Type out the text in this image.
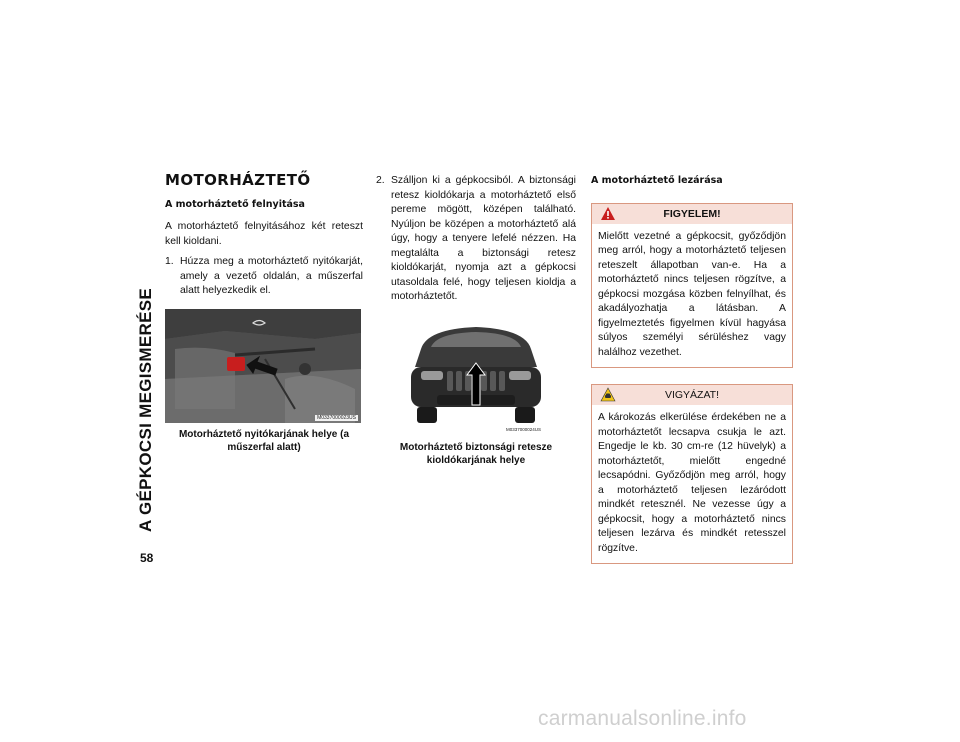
A GÉPKOCSI MEGISMERÉSE
58
MOTORHÁZTETŐ
A motorháztető felnyitása

A motorháztető felnyitásához két reteszt kell kioldani.

1. Húzza meg a motorháztető nyitókarját, amely a vezető oldalán, a műszerfal alatt helyezkedik el.
M0337000023US
Motorháztető nyitókarjának helye (a műszerfal alatt)
2. Szálljon ki a gépkocsiból. A biztonsági retesz kioldókarja a motorháztető első pereme mögött, középen található. Nyúljon be középen a motorháztető alá úgy, hogy a tenyere lefelé nézzen. Ha megtalálta a biztonsági retesz kioldókarját, nyomja azt a gépkocsi utasoldala felé, hogy teljesen kioldja a motorháztetőt.
M0337000024US
Motorháztető biztonsági retesze kioldókarjának helye
A motorháztető lezárása
FIGYELEM!
Mielőtt vezetné a gépkocsit, győződjön meg arról, hogy a motorháztető teljesen reteszelt állapotban van-e. Ha a motorháztető nincs teljesen rögzítve, a gépkocsi mozgása közben felnyílhat, és akadályozhatja a látásban. A figyelmeztetés figyelmen kívül hagyása súlyos személyi sérüléshez vagy halálhoz vezethet.
VIGYÁZAT!
A károkozás elkerülése érdekében ne a motorháztetőt lecsapva csukja le azt. Engedje le kb. 30 cm-re (12 hüvelyk) a motorháztetőt, mielőtt engedné lecsapódni. Győződjön meg arról, hogy a motorháztető teljesen lezáródott mindkét retesznél. Ne vezesse úgy a gépkocsit, hogy a motorháztető nincs teljesen lezárva és mindkét retesszel rögzítve.
carmanualsonline.info
